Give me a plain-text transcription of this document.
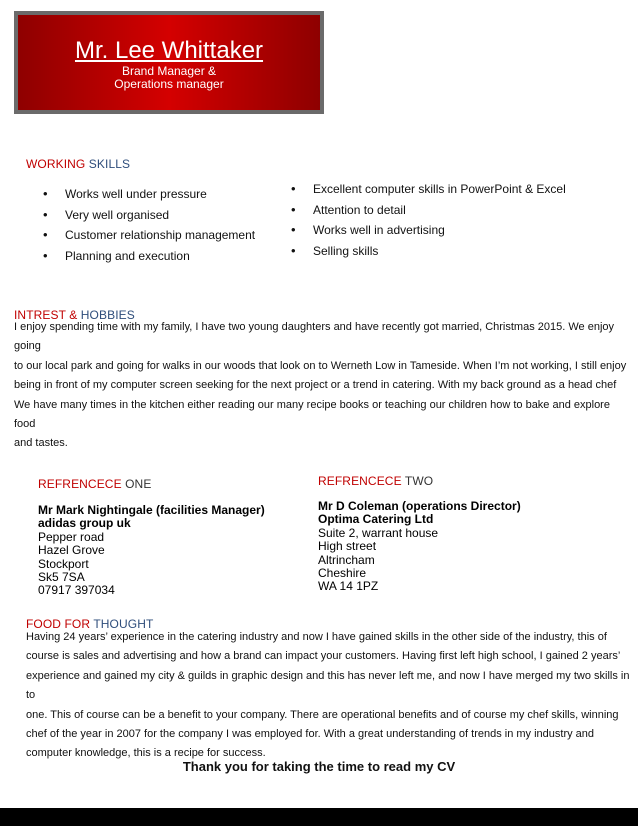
Mr. Lee Whittaker
Brand Manager &
Operations manager
WORKING SKILLS
• Works well under pressure
• Very well organised
• Customer relationship management
• Planning and execution
• Excellent computer skills in PowerPoint & Excel
• Attention to detail
• Works well in advertising
• Selling skills
INTREST & HOBBIES
I enjoy spending time with my family, I have two young daughters and have recently got married, Christmas 2015. We enjoy going
to our local park and going for walks in our woods that look on to Werneth Low in Tameside. When I’m not working, I still enjoy
being in front of my computer screen seeking for the next project or a trend in catering. With my back ground as a head chef
We have many times in the kitchen either reading our many recipe books or teaching our children how to bake and explore food
and tastes.
REFRENCECE ONE
Mr Mark Nightingale (facilities Manager)
adidas group uk
Pepper road
Hazel Grove
Stockport
Sk5 7SA
07917 397034
REFRENCECE TWO
Mr D Coleman (operations Director)
Optima Catering Ltd
Suite 2, warrant house
High street
Altrincham
Cheshire
WA 14 1PZ
FOOD FOR THOUGHT
Having 24 years’ experience in the catering industry and now I have gained skills in the other side of the industry, this of
course is sales and advertising and how a brand can impact your customers. Having first left high school, I gained 2 years’
experience and gained my city & guilds in graphic design and this has never left me, and now I have merged my two skills in to
one. This of course can be a benefit to your company. There are operational benefits and of course my chef skills, winning
chef of the year in 2007 for the company I was employed for. With a great understanding of trends in my industry and
computer knowledge, this is a recipe for success.
Thank you for taking the time to read my CV
